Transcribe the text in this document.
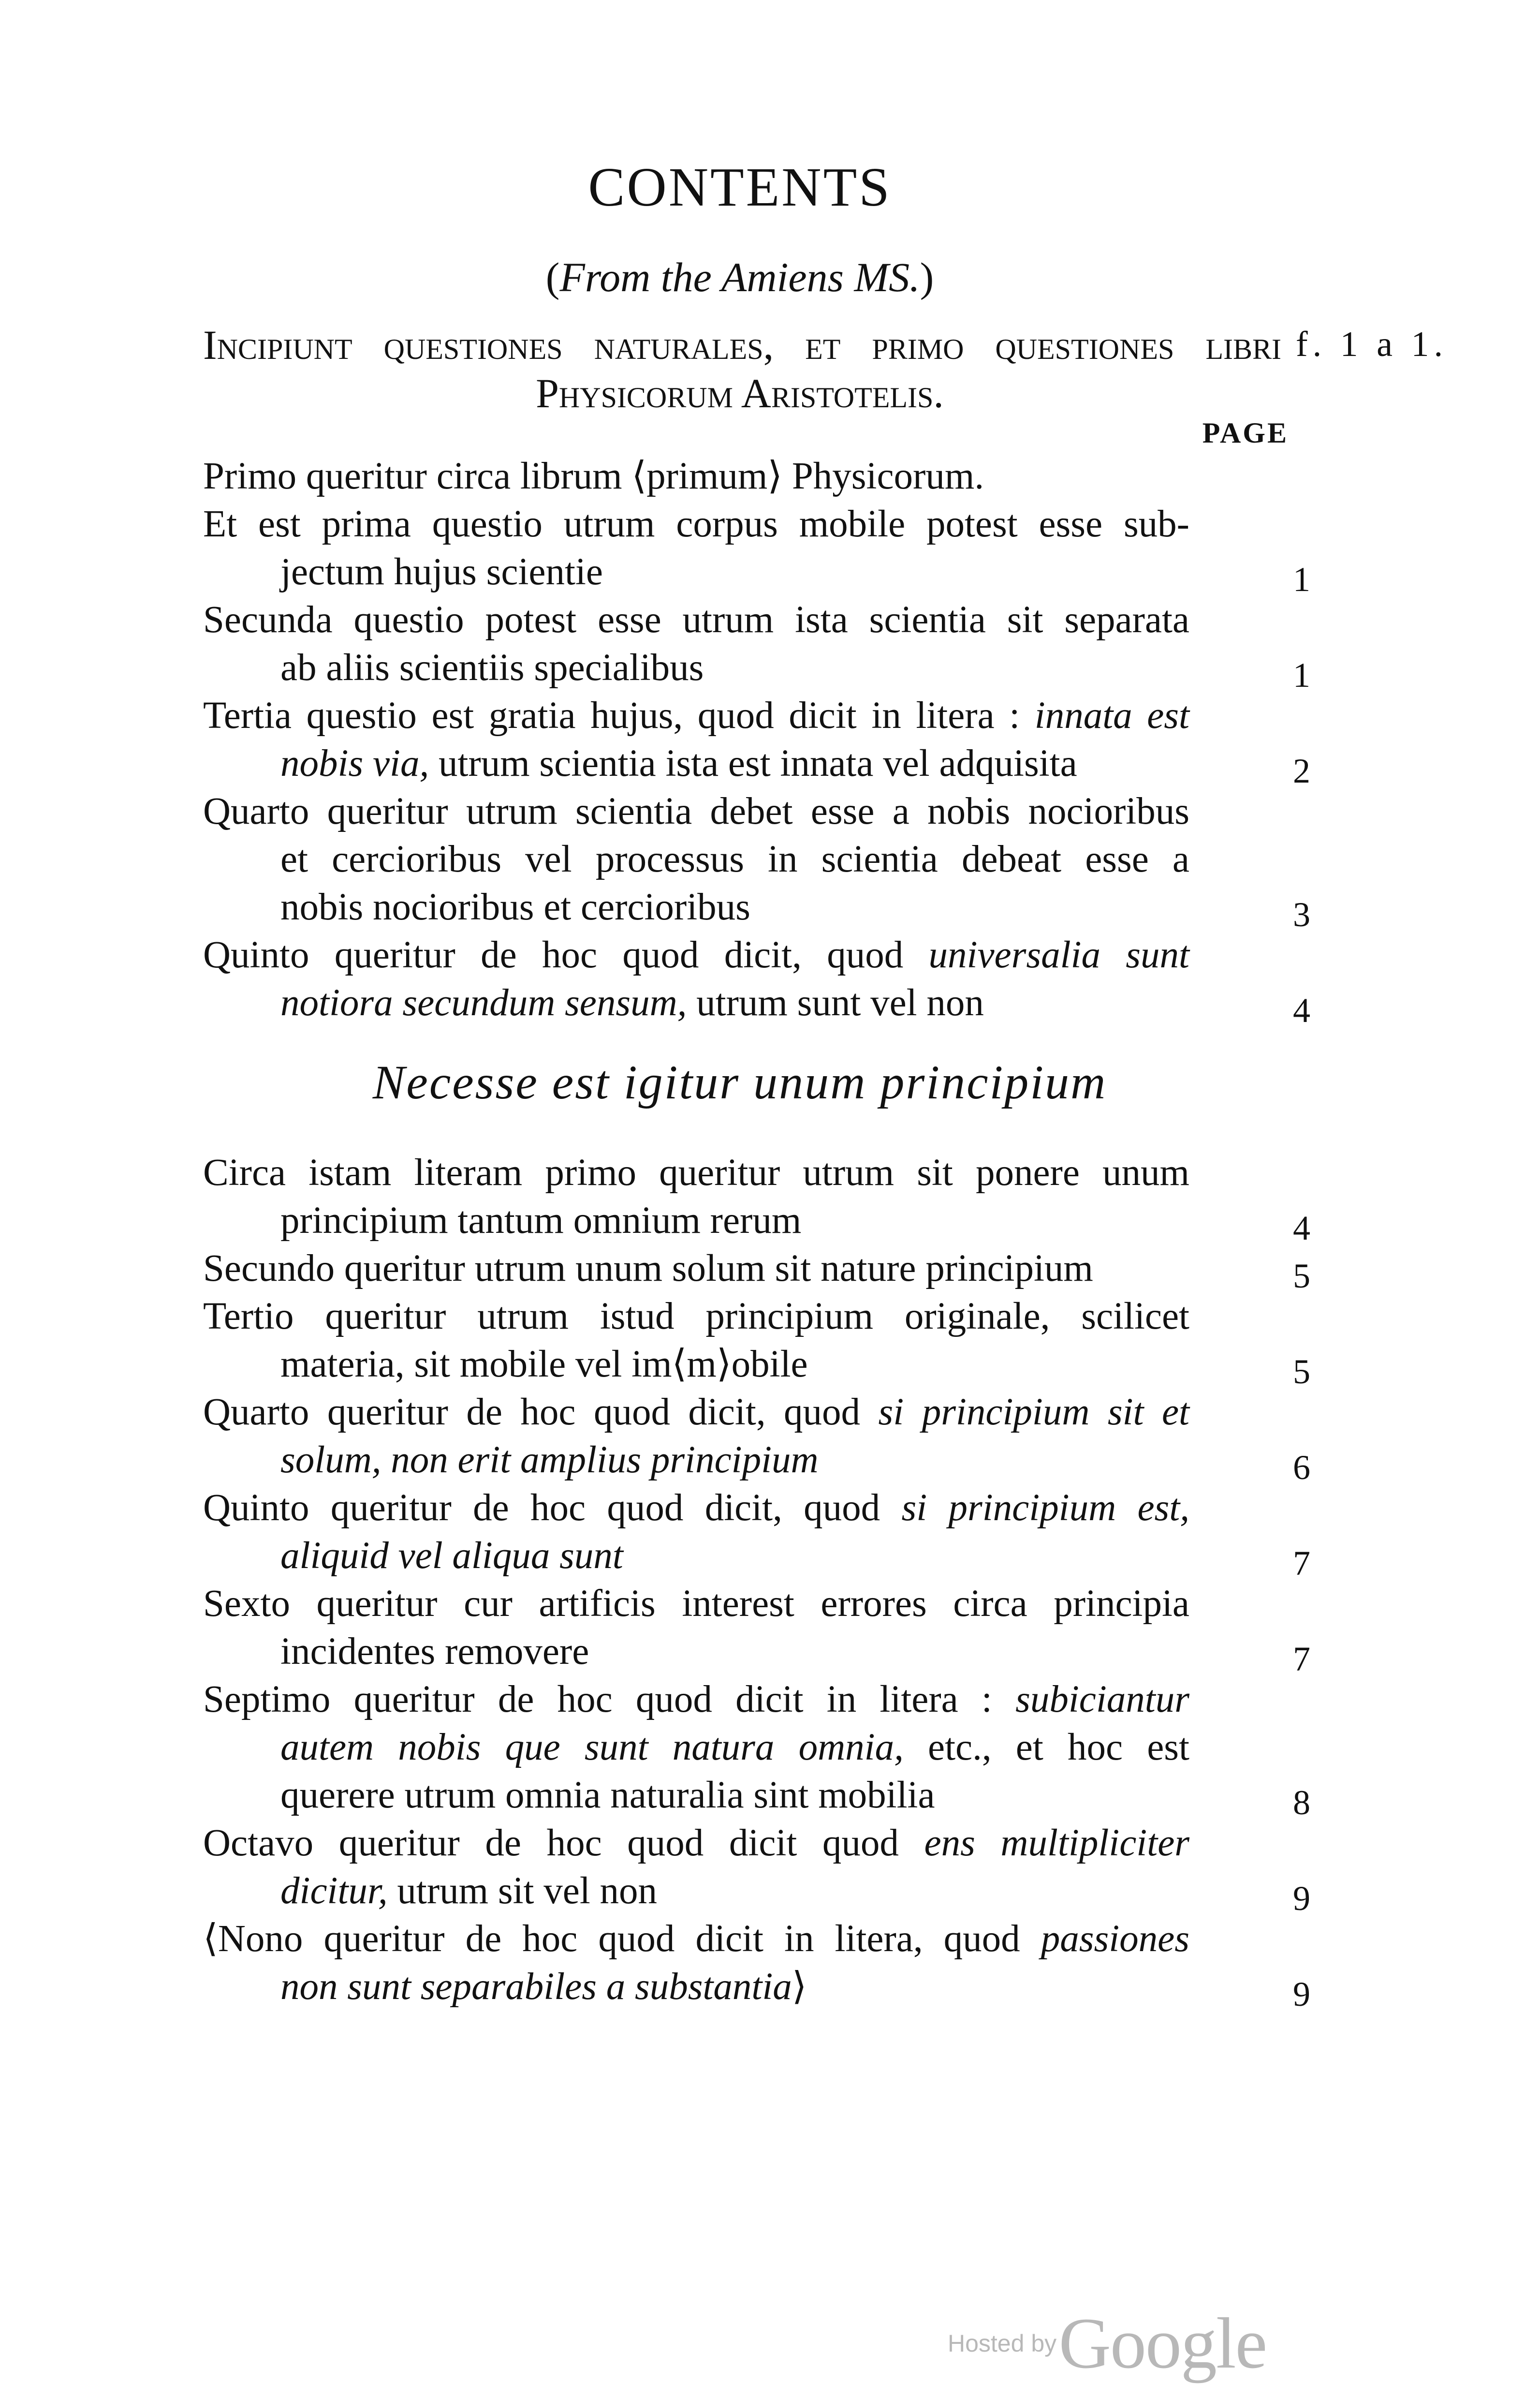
CONTENTS
(From the Amiens MS.)
Incipiunt questiones naturales, et primo questiones libri f. 1 a 1.
Physicorum Aristotelis.
PAGE
Primo queritur circa librum ⟨primum⟩ Physicorum.
Et est prima questio utrum corpus mobile potest esse sub-
jectum hujus scientie	1
Secunda questio potest esse utrum ista scientia sit separata
ab aliis scientiis specialibus	1
Tertia questio est gratia hujus, quod dicit in litera : innata est
nobis via, utrum scientia ista est innata vel adquisita	2
Quarto queritur utrum scientia debet esse a nobis nocioribus
et cercioribus vel processus in scientia debeat esse a
nobis nocioribus et cercioribus	3
Quinto queritur de hoc quod dicit, quod universalia sunt
notiora secundum sensum, utrum sunt vel non	4
Necesse est igitur unum principium
Circa istam literam primo queritur utrum sit ponere unum
principium tantum omnium rerum	4
Secundo queritur utrum unum solum sit nature principium	5
Tertio queritur utrum istud principium originale, scilicet
materia, sit mobile vel im⟨m⟩obile	5
Quarto queritur de hoc quod dicit, quod si principium sit et
solum, non erit amplius principium	6
Quinto queritur de hoc quod dicit, quod si principium est,
aliquid vel aliqua sunt	7
Sexto queritur cur artificis interest errores circa principia
incidentes removere	7
Septimo queritur de hoc quod dicit in litera : subiciantur
autem nobis que sunt natura omnia, etc., et hoc est
querere utrum omnia naturalia sint mobilia	8
Octavo queritur de hoc quod dicit quod ens multipliciter
dicitur, utrum sit vel non	9
⟨Nono queritur de hoc quod dicit in litera, quod passiones
non sunt separabiles a substantia⟩	9
Hosted by Google
